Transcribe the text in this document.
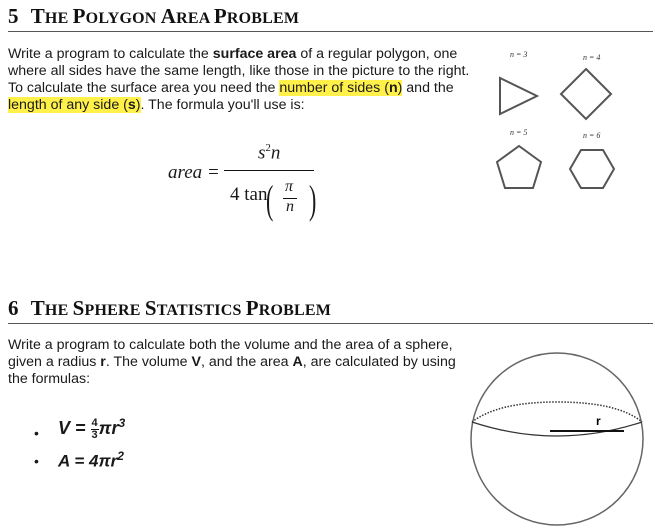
5 THE POLYGON AREA PROBLEM
Write a program to calculate the surface area of a regular polygon, one where all sides have the same length, like those in the picture to the right. To calculate the surface area you need the number of sides (n) and the length of any side (s). The formula you'll use is:
area =
$s^2n$
4 tan
( π
n )
n = 3	n = 4
n = 5	n = 6
6 THE SPHERE STATISTICS PROBLEM
Write a program to calculate both the volume and the area of a sphere, given a radius r. The volume V, and the area A, are calculated by using the formulas:
• $V = \frac{4}{3} \pi r^3$
• $A = 4\pi r^2$
r
